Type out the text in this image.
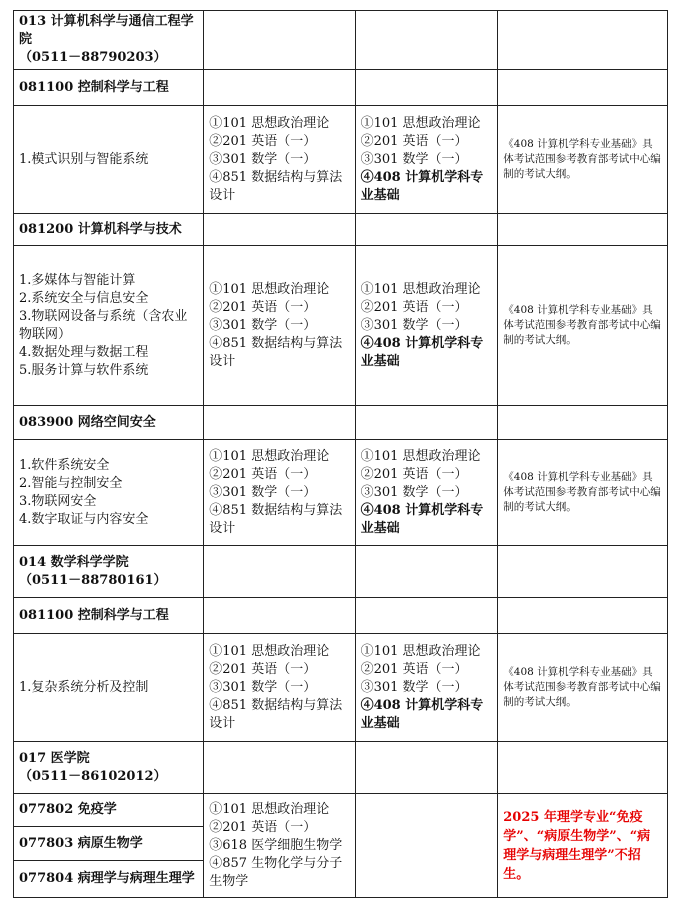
013 计算机科学与通信工程学院
（0511－88790203）			

081100 控制科学与工程			

1.模式识别与智能系统	①101 思想政治理论
②201 英语（一）
③301 数学（一）
④851 数据结构与算法设计	①101 思想政治理论
②201 英语（一）
③301 数学（一）
④408 计算机学科专业基础	《408 计算机学科专业基础》具体考试范围参考教育部考试中心编制的考试大纲。
081200 计算机科学与技术			

1.多媒体与智能计算
2.系统安全与信息安全
3.物联网设备与系统（含农业物联网）
4.数据处理与数据工程
5.服务计算与软件系统	①101 思想政治理论
②201 英语（一）
③301 数学（一）
④851 数据结构与算法设计	①101 思想政治理论
②201 英语（一）
③301 数学（一）
④408 计算机学科专业基础	《408 计算机学科专业基础》具体考试范围参考教育部考试中心编制的考试大纲。
083900 网络空间安全			

1.软件系统安全
2.智能与控制安全
3.物联网安全
4.数字取证与内容安全	①101 思想政治理论
②201 英语（一）
③301 数学（一）
④851 数据结构与算法设计	①101 思想政治理论
②201 英语（一）
③301 数学（一）
④408 计算机学科专业基础	《408 计算机学科专业基础》具体考试范围参考教育部考试中心编制的考试大纲。

014 数学科学学院
（0511－88780161）			

081100 控制科学与工程			

1.复杂系统分析及控制	①101 思想政治理论
②201 英语（一）
③301 数学（一）
④851 数据结构与算法设计	①101 思想政治理论
②201 英语（一）
③301 数学（一）
④408 计算机学科专业基础	《408 计算机学科专业基础》具体考试范围参考教育部考试中心编制的考试大纲。

017 医学院
（0511－86102012）			

077802 免疫学	①101 思想政治理论
②201 英语（一）
③618 医学细胞生物学
④857 生物化学与分子生物学		2025 年理学专业“免疫学”、“病原生物学”、“病理学与病理生理学”不招生。
077803 病原生物学			
077804 病理学与病理生理学			
